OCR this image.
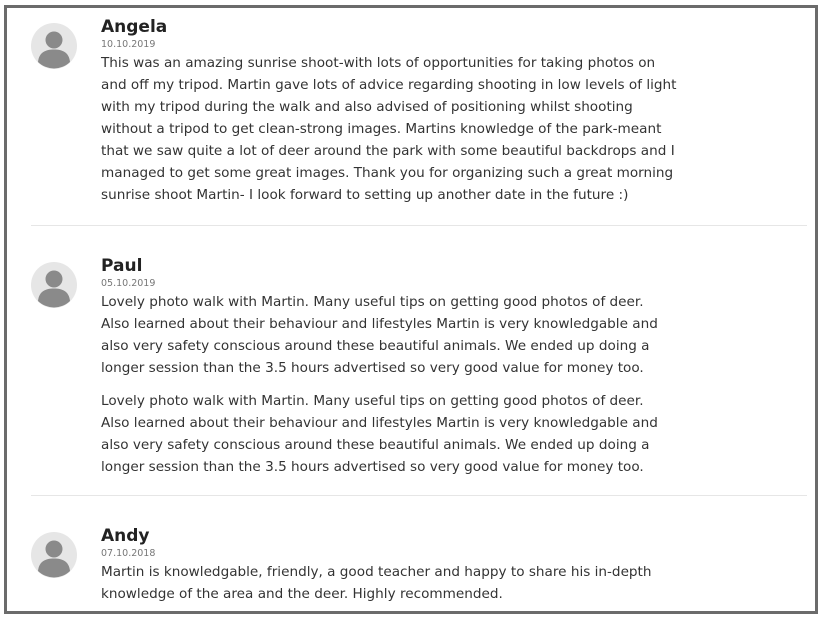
Angela
10.10.2019

This was an amazing sunrise shoot-with lots of opportunities for taking photos on
and off my tripod. Martin gave lots of advice regarding shooting in low levels of light
with my tripod during the walk and also advised of positioning whilst shooting
without a tripod to get clean-strong images. Martins knowledge of the park-meant
that we saw quite a lot of deer around the park with some beautiful backdrops and I
managed to get some great images. Thank you for organizing such a great morning
sunrise shoot Martin- I look forward to setting up another date in the future :)

Paul
05.10.2019

Lovely photo walk with Martin. Many useful tips on getting good photos of deer.
Also learned about their behaviour and lifestyles Martin is very knowledgable and
also very safety conscious around these beautiful animals. We ended up doing a
longer session than the 3.5 hours advertised so very good value for money too.

Lovely photo walk with Martin. Many useful tips on getting good photos of deer.
Also learned about their behaviour and lifestyles Martin is very knowledgable and
also very safety conscious around these beautiful animals. We ended up doing a
longer session than the 3.5 hours advertised so very good value for money too.

Andy
07.10.2018

Martin is knowledgable, friendly, a good teacher and happy to share his in-depth
knowledge of the area and the deer. Highly recommended.
